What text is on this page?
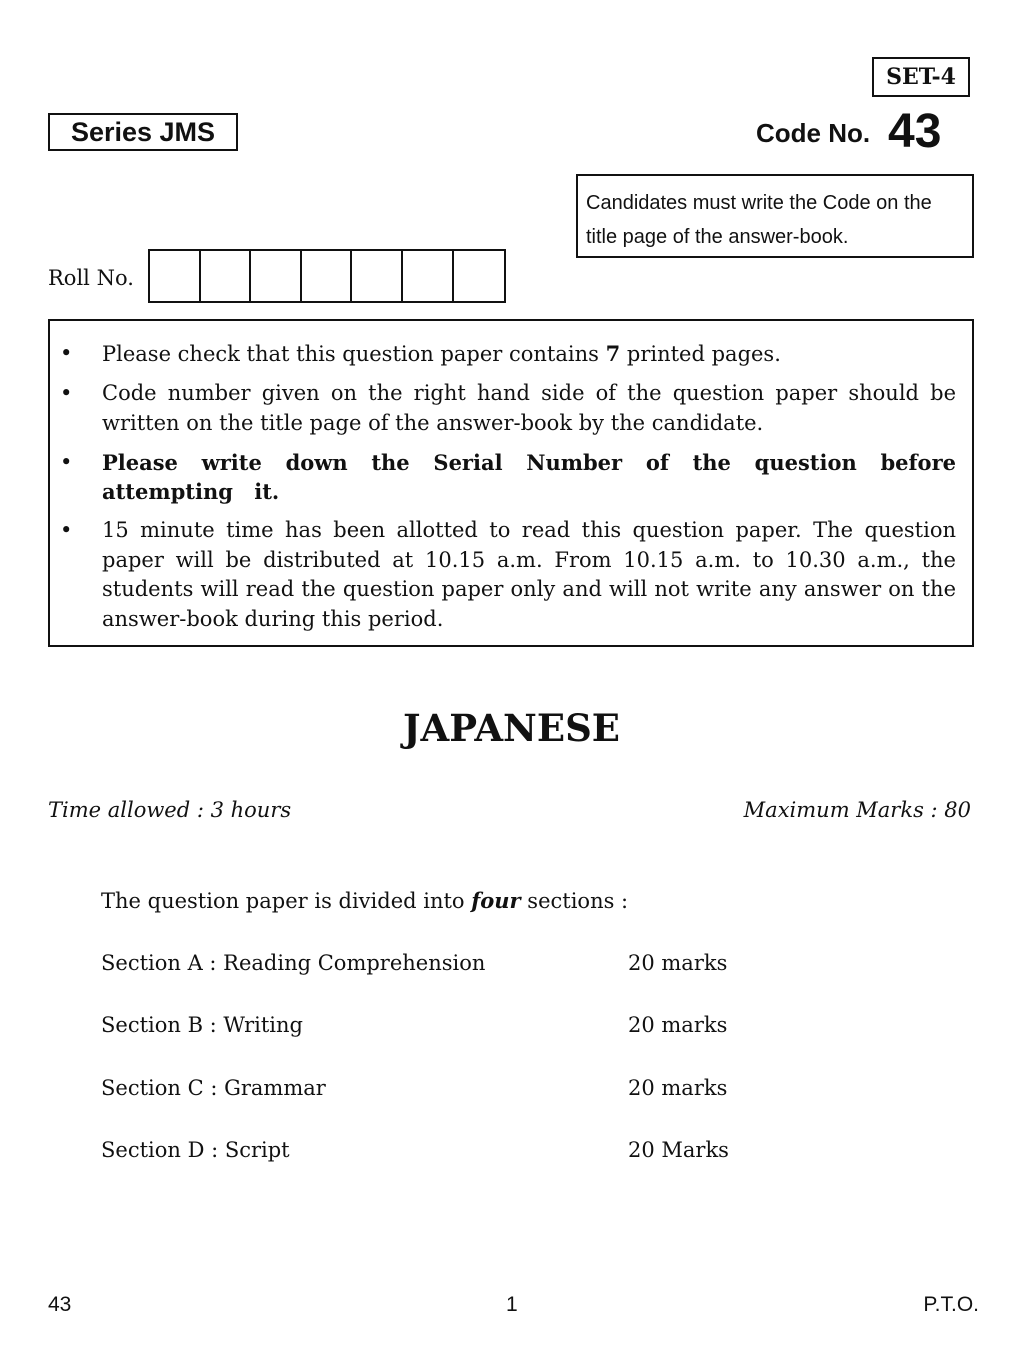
SET-4
Series JMS	Code No. 43
Candidates must write the Code on the title page of the answer-book.
Roll No.
•	Please check that this question paper contains 7 printed pages.
•	Code number given on the right hand side of the question paper should be written on the title page of the answer-book by the candidate.
•	Please write down the Serial Number of the question before attempting it.
•	15 minute time has been allotted to read this question paper. The question paper will be distributed at 10.15 a.m. From 10.15 a.m. to 10.30 a.m., the students will read the question paper only and will not write any answer on the answer-book during this period.
JAPANESE
Time allowed : 3 hours	Maximum Marks : 80
The question paper is divided into four sections :
Section A : Reading Comprehension	20 marks
Section B : Writing	20 marks
Section C : Grammar	20 marks
Section D : Script	20 Marks
43	1	P.T.O.
